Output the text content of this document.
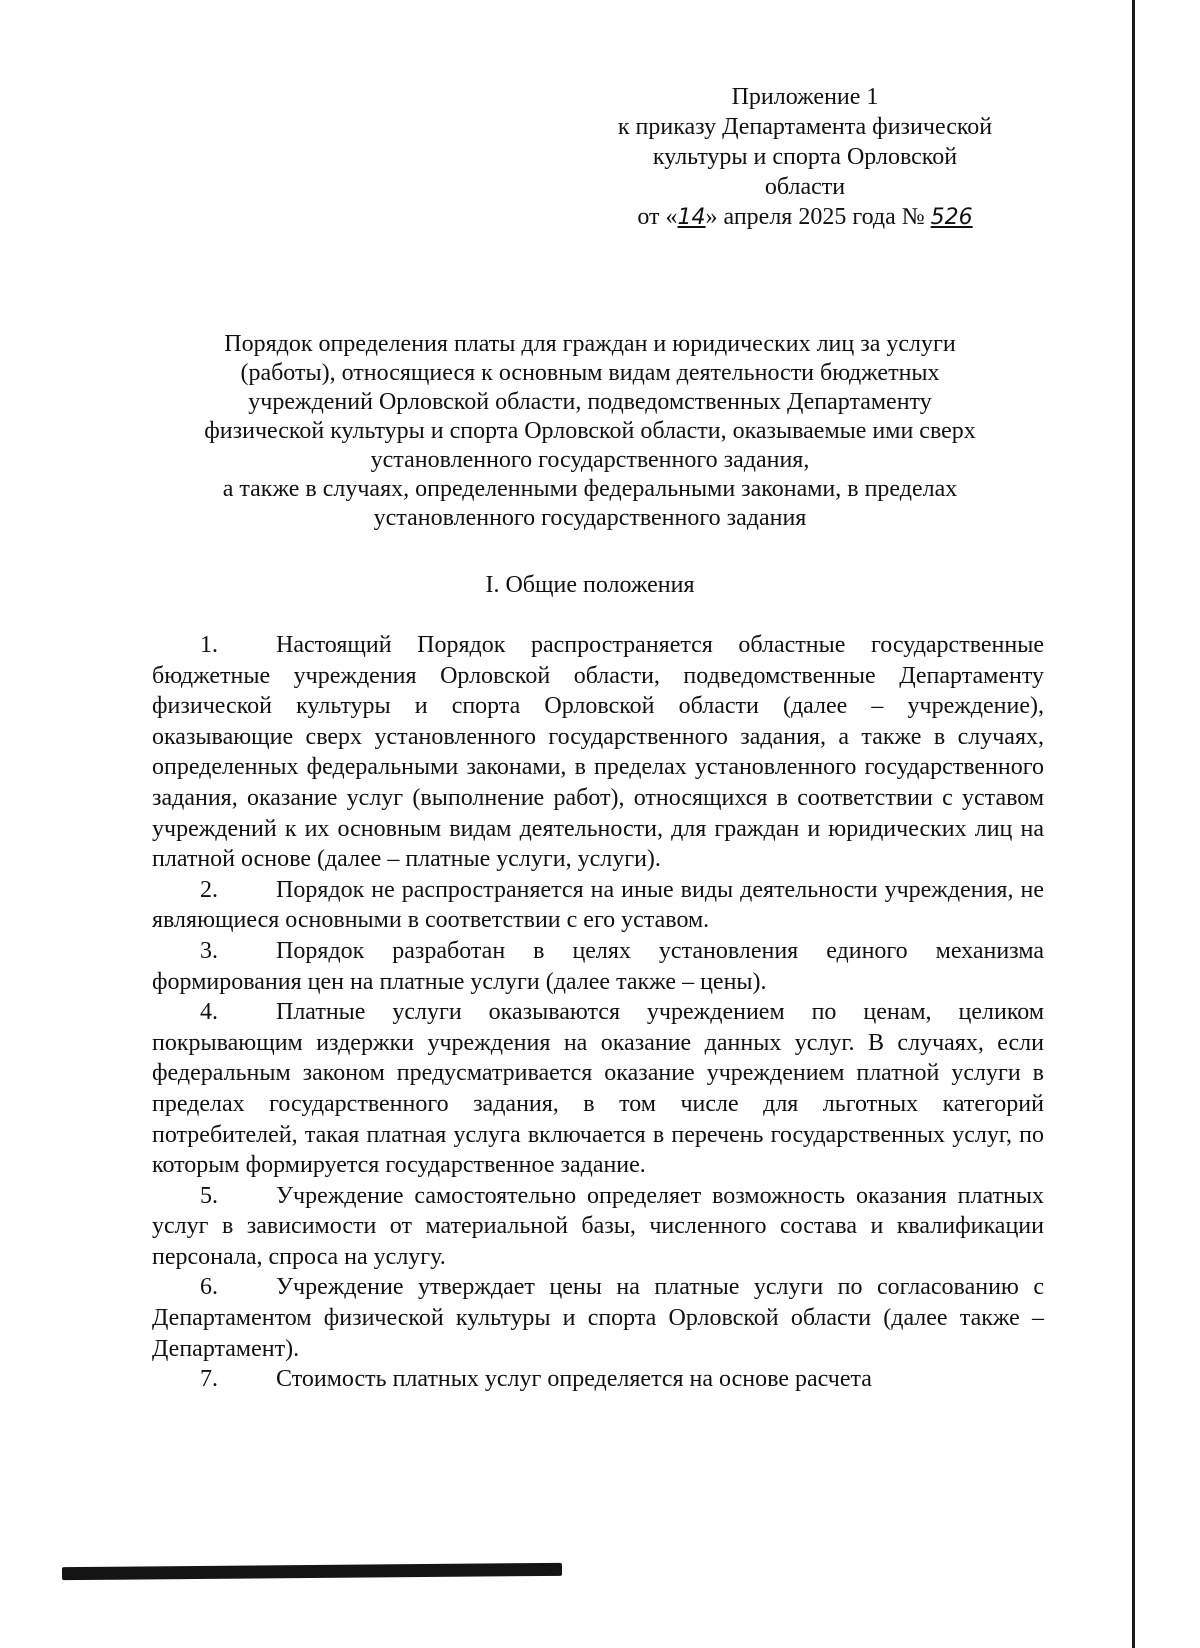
Приложение 1
к приказу Департамента физической
культуры и спорта Орловской
области
от «14» апреля 2025 года № 526
Порядок определения платы для граждан и юридических лиц за услуги
(работы), относящиеся к основным видам деятельности бюджетных
учреждений Орловской области, подведомственных Департаменту
физической культуры и спорта Орловской области, оказываемые ими сверх
установленного государственного задания,
а также в случаях, определенными федеральными законами, в пределах
установленного государственного задания
I. Общие положения

1. Настоящий Порядок распространяется областные государственные бюджетные учреждения Орловской области, подведомственные Департаменту физической культуры и спорта Орловской области (далее – учреждение), оказывающие сверх установленного государственного задания, а также в случаях, определенных федеральными законами, в пределах установленного государственного задания, оказание услуг (выполнение работ), относящихся в соответствии с уставом учреждений к их основным видам деятельности, для граждан и юридических лиц на платной основе (далее – платные услуги, услуги).

2. Порядок не распространяется на иные виды деятельности учреждения, не являющиеся основными в соответствии с его уставом.

3. Порядок разработан в целях установления единого механизма формирования цен на платные услуги (далее также – цены).

4. Платные услуги оказываются учреждением по ценам, целиком покрывающим издержки учреждения на оказание данных услуг. В случаях, если федеральным законом предусматривается оказание учреждением платной услуги в пределах государственного задания, в том числе для льготных категорий потребителей, такая платная услуга включается в перечень государственных услуг, по которым формируется государственное задание.

5. Учреждение самостоятельно определяет возможность оказания платных услуг в зависимости от материальной базы, численного состава и квалификации персонала, спроса на услугу.

6. Учреждение утверждает цены на платные услуги по согласованию с Департаментом физической культуры и спорта Орловской области (далее также – Департамент).

7. Стоимость платных услуг определяется на основе расчета
